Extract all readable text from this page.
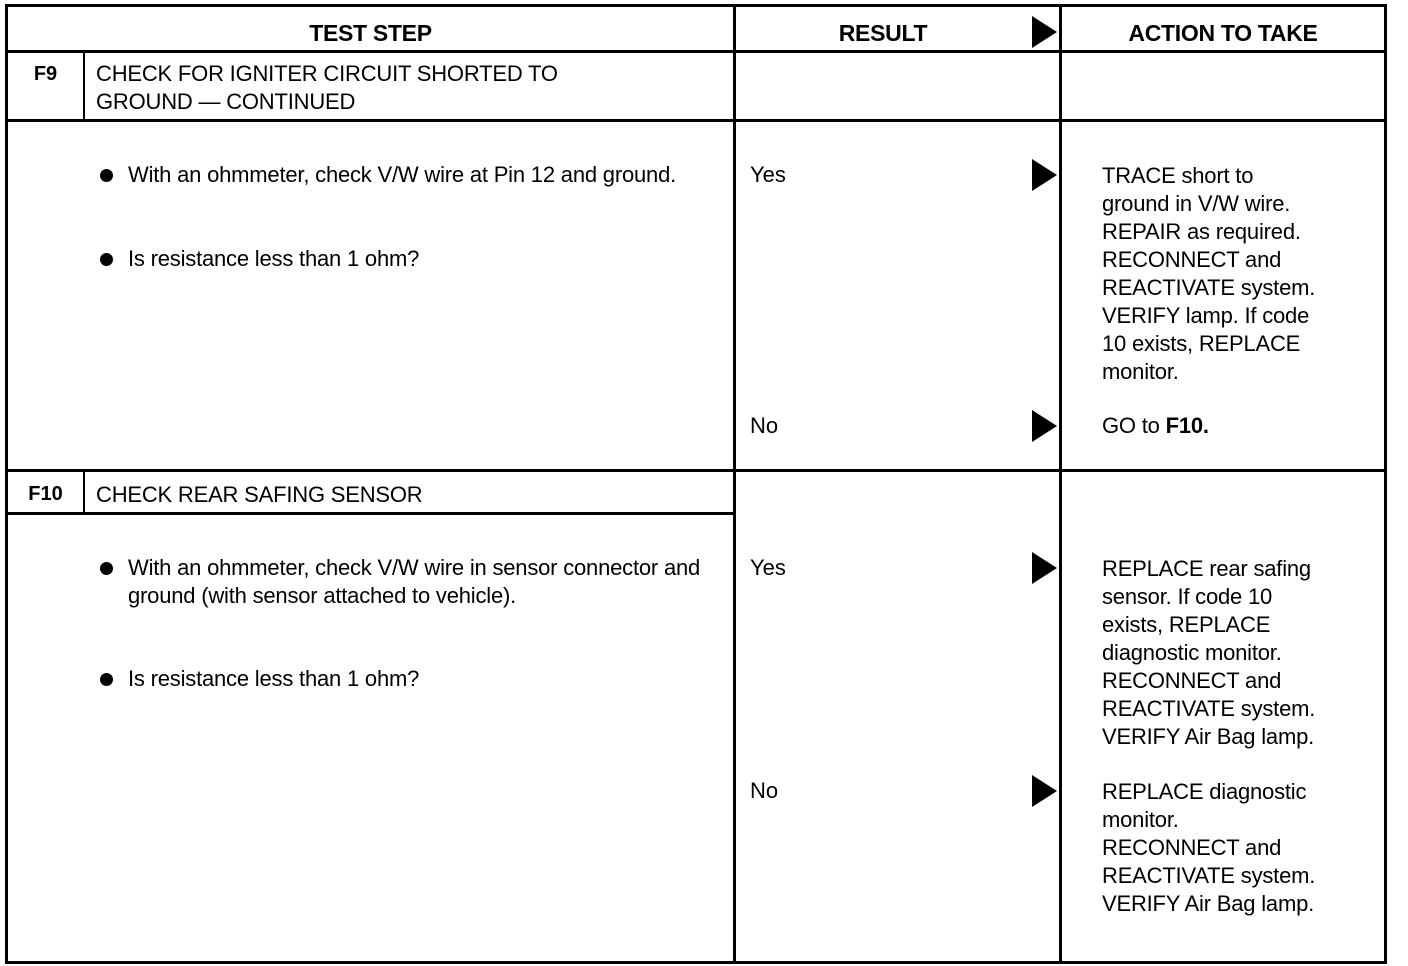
TEST STEP	RESULT	ACTION TO TAKE
F9	CHECK FOR IGNITER CIRCUIT SHORTED TO GROUND — CONTINUED
With an ohmmeter, check V/W wire at Pin 12 and ground.
Is resistance less than 1 ohm?
Yes	TRACE short to
ground in V/W wire.
REPAIR as required.
RECONNECT and
REACTIVATE system.
VERIFY lamp. If code
10 exists, REPLACE
monitor.
No	GO to F10.
F10	CHECK REAR SAFING SENSOR
With an ohmmeter, check V/W wire in sensor connector and ground (with sensor attached to vehicle).
Is resistance less than 1 ohm?
Yes	REPLACE rear safing
sensor. If code 10
exists, REPLACE
diagnostic monitor.
RECONNECT and
REACTIVATE system.
VERIFY Air Bag lamp.
No	REPLACE diagnostic
monitor.
RECONNECT and
REACTIVATE system.
VERIFY Air Bag lamp.
